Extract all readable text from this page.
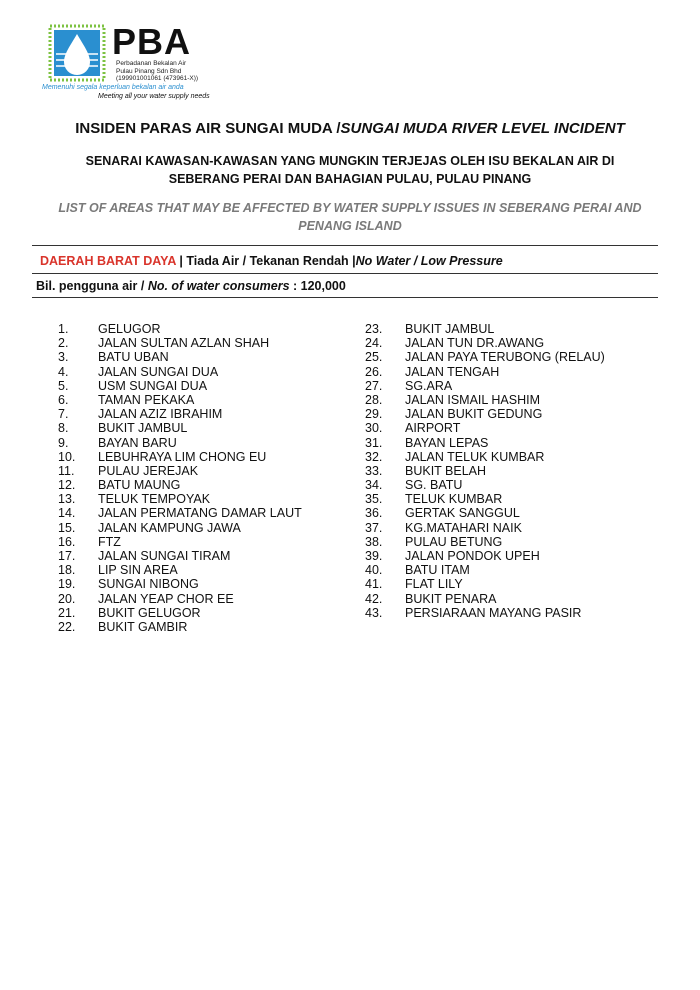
PBA
Perbadanan Bekalan Air
Pulau Pinang Sdn Bhd
(199901001061 (473961-X))
Memenuhi segala keperluan bekalan air anda
Meeting all your water supply needs
INSIDEN PARAS AIR SUNGAI MUDA /SUNGAI MUDA RIVER LEVEL INCIDENT
SENARAI KAWASAN-KAWASAN YANG MUNGKIN TERJEJAS OLEH ISU BEKALAN AIR DI SEBERANG PERAI DAN BAHAGIAN PULAU, PULAU PINANG
LIST OF AREAS THAT MAY BE AFFECTED BY WATER SUPPLY ISSUES IN SEBERANG PERAI AND PENANG ISLAND
DAERAH BARAT DAYA | Tiada Air / Tekanan Rendah |No Water / Low Pressure
Bil. pengguna air / No. of water consumers : 120,000
1. GELUGOR
2. JALAN SULTAN AZLAN SHAH
3. BATU UBAN
4. JALAN SUNGAI DUA
5. USM SUNGAI DUA
6. TAMAN PEKAKA
7. JALAN AZIZ IBRAHIM
8. BUKIT JAMBUL
9. BAYAN BARU
10. LEBUHRAYA LIM CHONG EU
11. PULAU JEREJAK
12. BATU MAUNG
13. TELUK TEMPOYAK
14. JALAN PERMATANG DAMAR LAUT
15. JALAN KAMPUNG JAWA
16. FTZ
17. JALAN SUNGAI TIRAM
18. LIP SIN AREA
19. SUNGAI NIBONG
20. JALAN YEAP CHOR EE
21. BUKIT GELUGOR
22. BUKIT GAMBIR
23. BUKIT JAMBUL
24. JALAN TUN DR.AWANG
25. JALAN PAYA TERUBONG (RELAU)
26. JALAN TENGAH
27. SG.ARA
28. JALAN ISMAIL HASHIM
29. JALAN BUKIT GEDUNG
30. AIRPORT
31. BAYAN LEPAS
32. JALAN TELUK KUMBAR
33. BUKIT BELAH
34. SG. BATU
35. TELUK KUMBAR
36. GERTAK SANGGUL
37. KG.MATAHARI NAIK
38. PULAU BETUNG
39. JALAN PONDOK UPEH
40. BATU ITAM
41. FLAT LILY
42. BUKIT PENARA
43. PERSIARAAN MAYANG PASIR
